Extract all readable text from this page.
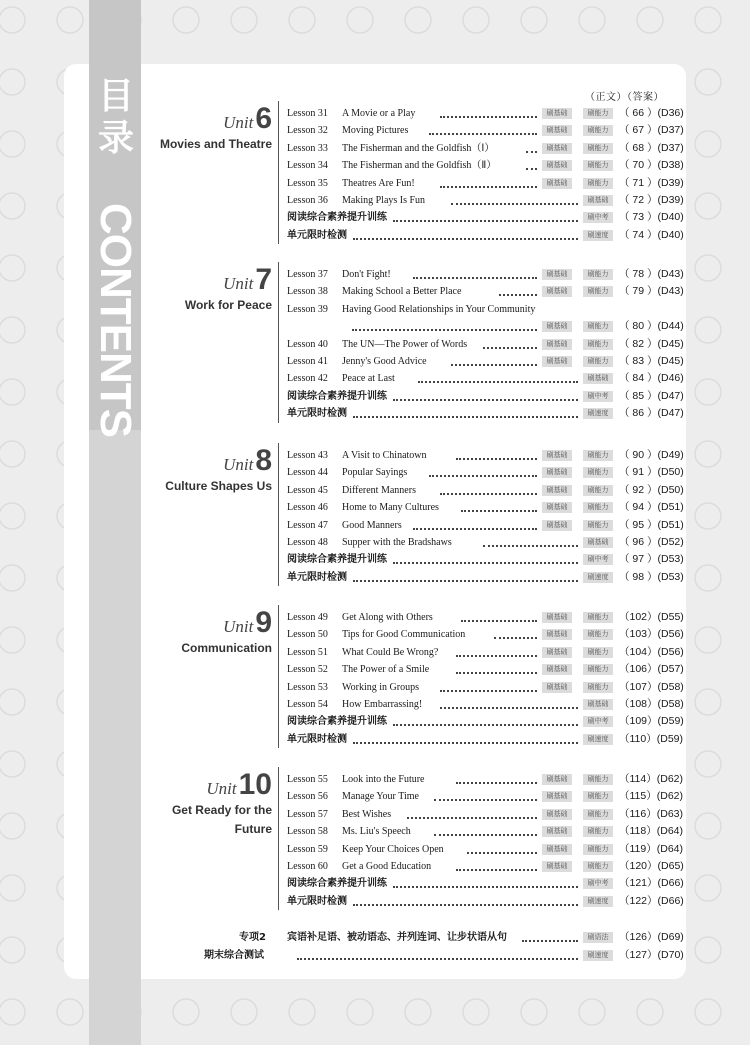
目录
CONTENTS
（正文）（答案）
Unit6
Movies and Theatre
Lesson 31	A Movie or a Play	刷基础	刷能力	（ 66 ）(D36)
Lesson 32	Moving Pictures	刷基础	刷能力	（ 67 ）(D37)
Lesson 33	The Fisherman and the Goldfish（Ⅰ）	刷基础	刷能力	（ 68 ）(D37)
Lesson 34	The Fisherman and the Goldfish（Ⅱ）	刷基础	刷能力	（ 70 ）(D38)
Lesson 35	Theatres Are Fun!	刷基础	刷能力	（ 71 ）(D39)
Lesson 36	Making Plays Is Fun	刷基础	（ 72 ）(D39)
阅读综合素养提升训练	刷中考	（ 73 ）(D40)
单元限时检测	刷速度	（ 74 ）(D40)
Unit7
Work for Peace
Lesson 37	Don't Fight!	刷基础	刷能力	（ 78 ）(D43)
Lesson 38	Making School a Better Place	刷基础	刷能力	（ 79 ）(D43)
Lesson 39	Having Good Relationships in Your Community
刷基础	刷能力	（ 80 ）(D44)
Lesson 40	The UN—The Power of Words	刷基础	刷能力	（ 82 ）(D45)
Lesson 41	Jenny's Good Advice	刷基础	刷能力	（ 83 ）(D45)
Lesson 42	Peace at Last	刷基础	（ 84 ）(D46)
阅读综合素养提升训练	刷中考	（ 85 ）(D47)
单元限时检测	刷速度	（ 86 ）(D47)
Unit8
Culture Shapes Us
Lesson 43	A Visit to Chinatown	刷基础	刷能力	（ 90 ）(D49)
Lesson 44	Popular Sayings	刷基础	刷能力	（ 91 ）(D50)
Lesson 45	Different Manners	刷基础	刷能力	（ 92 ）(D50)
Lesson 46	Home to Many Cultures	刷基础	刷能力	（ 94 ）(D51)
Lesson 47	Good Manners	刷基础	刷能力	（ 95 ）(D51)
Lesson 48	Supper with the Bradshaws	刷基础	（ 96 ）(D52)
阅读综合素养提升训练	刷中考	（ 97 ）(D53)
单元限时检测	刷速度	（ 98 ）(D53)
Unit9
Communication
Lesson 49	Get Along with Others	刷基础	刷能力	（102）(D55)
Lesson 50	Tips for Good Communication	刷基础	刷能力	（103）(D56)
Lesson 51	What Could Be Wrong?	刷基础	刷能力	（104）(D56)
Lesson 52	The Power of a Smile	刷基础	刷能力	（106）(D57)
Lesson 53	Working in Groups	刷基础	刷能力	（107）(D58)
Lesson 54	How Embarrassing!	刷基础	（108）(D58)
阅读综合素养提升训练	刷中考	（109）(D59)
单元限时检测	刷速度	（110）(D59)
Unit10
Get Ready for the
Future
Lesson 55	Look into the Future	刷基础	刷能力	（114）(D62)
Lesson 56	Manage Your Time	刷基础	刷能力	（115）(D62)
Lesson 57	Best Wishes	刷基础	刷能力	（116）(D63)
Lesson 58	Ms. Liu's Speech	刷基础	刷能力	（118）(D64)
Lesson 59	Keep Your Choices Open	刷基础	刷能力	（119）(D64)
Lesson 60	Get a Good Education	刷基础	刷能力	（120）(D65)
阅读综合素养提升训练	刷中考	（121）(D66)
单元限时检测	刷速度	（122）(D66)
专项2 宾语补足语、被动语态、并列连词、让步状语从句	刷语法	（126）(D69)
期末综合测试	刷速度	（127）(D70)
